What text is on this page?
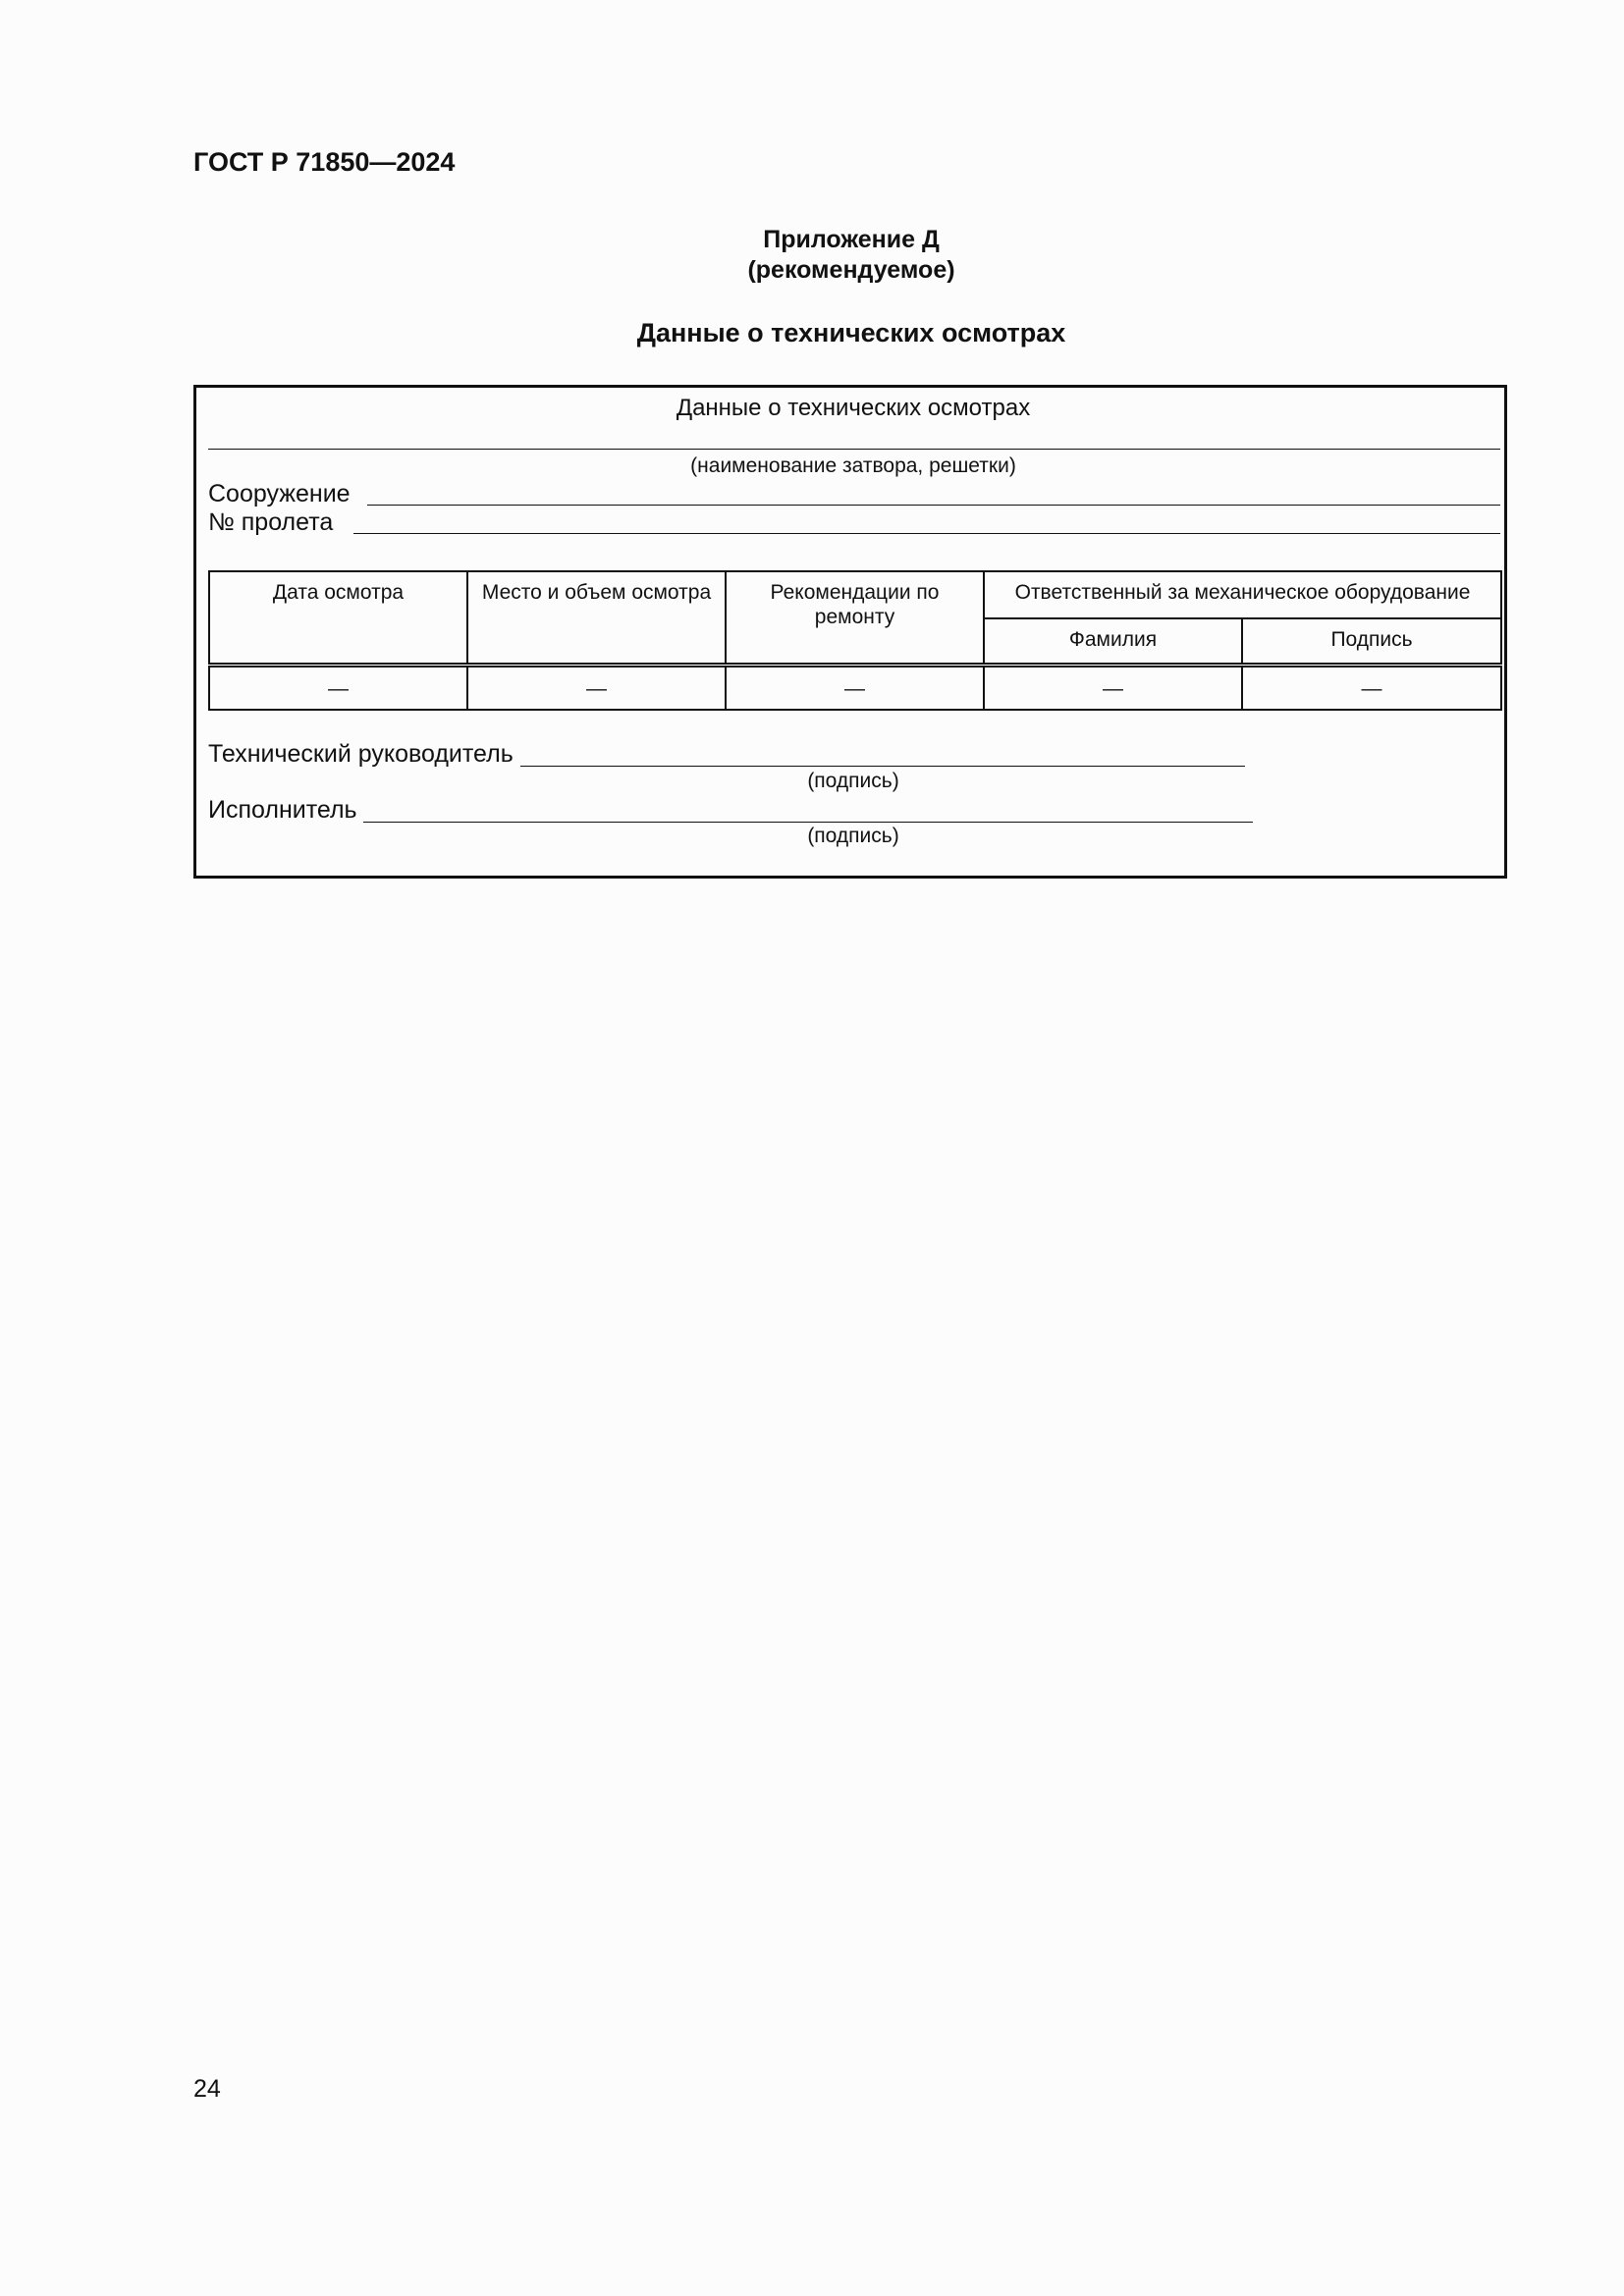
ГОСТ Р 71850—2024
Приложение Д
(рекомендуемое)
Данные о технических осмотрах
Данные о технических осмотрах
(наименование затвора, решетки)
Сооружение
№ пролета
Дата осмотра	Место и объем осмотра	Рекомендации по ремонту	Ответственный за механическое оборудование	
			Фамилия	Подпись
—	—	—	—	—
Технический руководитель
(подпись)
Исполнитель
(подпись)
24
